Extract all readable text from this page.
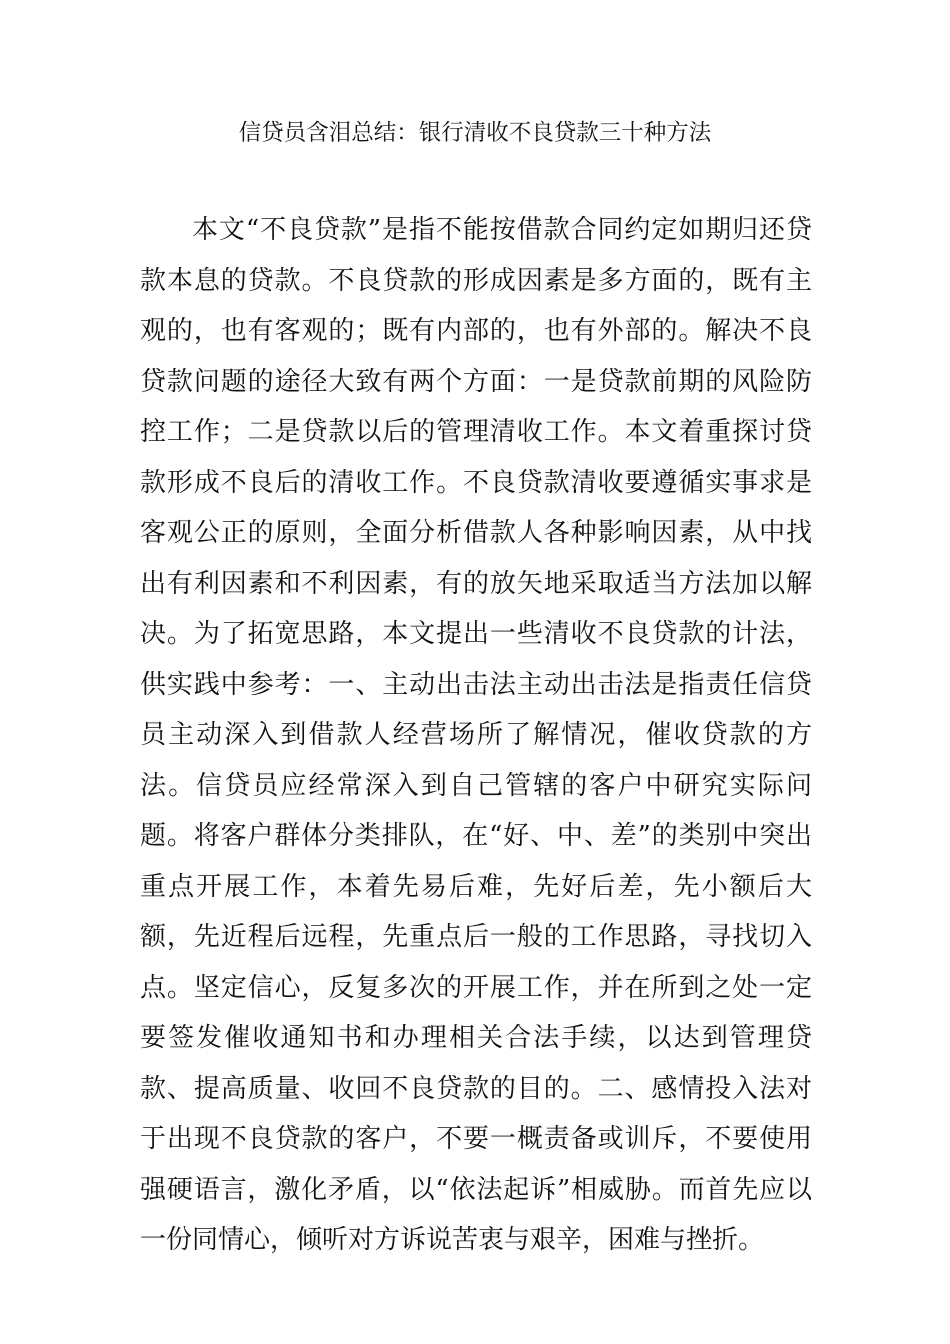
信贷员含泪总结：银行清收不良贷款三十种方法

本文“不良贷款”是指不能按借款合同约定如期归还贷款本息的贷款。不良贷款的形成因素是多方面的，既有主观的，也有客观的；既有内部的，也有外部的。解决不良贷款问题的途径大致有两个方面：一是贷款前期的风险防控工作；二是贷款以后的管理清收工作。本文着重探讨贷款形成不良后的清收工作。不良贷款清收要遵循实事求是客观公正的原则，全面分析借款人各种影响因素，从中找出有利因素和不利因素，有的放矢地采取适当方法加以解决。为了拓宽思路，本文提出一些清收不良贷款的计法，供实践中参考：一、主动出击法主动出击法是指责任信贷员主动深入到借款人经营场所了解情况，催收贷款的方法。信贷员应经常深入到自己管辖的客户中研究实际问题。将客户群体分类排队，在“好、中、差”的类别中突出重点开展工作，本着先易后难，先好后差，先小额后大额，先近程后远程，先重点后一般的工作思路，寻找切入点。坚定信心，反复多次的开展工作，并在所到之处一定要签发催收通知书和办理相关合法手续，以达到管理贷款、提高质量、收回不良贷款的目的。二、感情投入法对于出现不良贷款的客户，不要一概责备或训斥，不要使用强硬语言，激化矛盾，以“依法起诉”相威胁。而首先应以一份同情心，倾听对方诉说苦衷与艰辛，困难与挫折。
